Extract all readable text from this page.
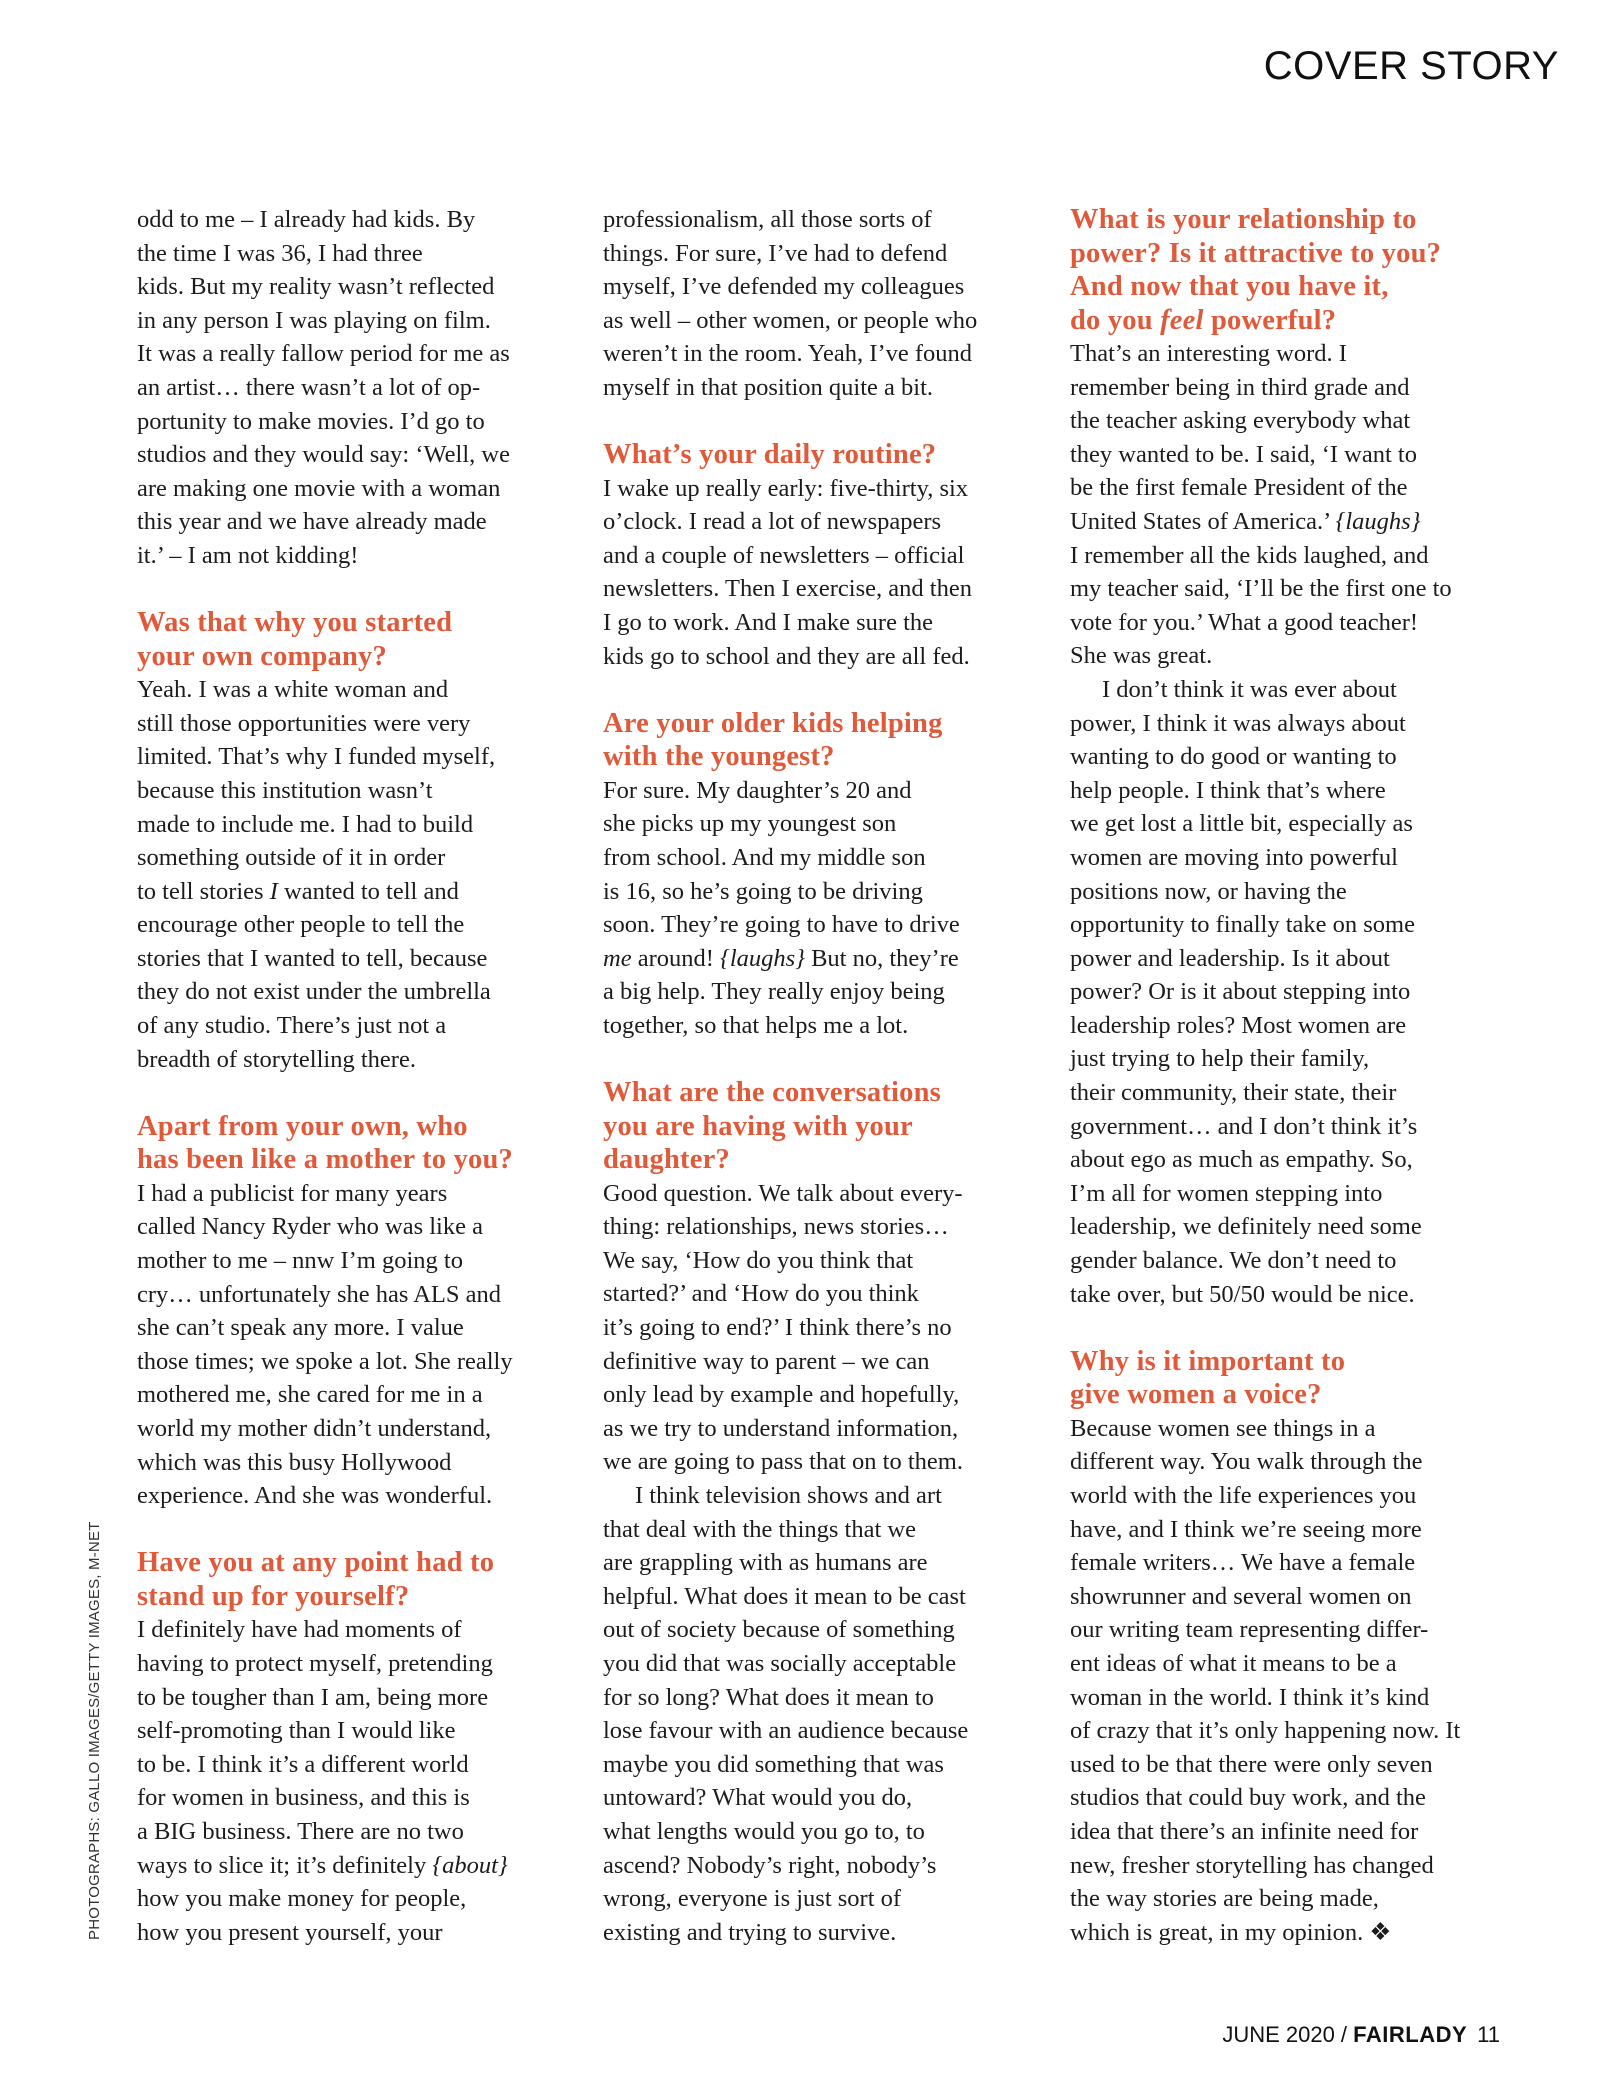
COVER STORY
odd to me – I already had kids. By
the time I was 36, I had three
kids. But my reality wasn’t reflected
in any person I was playing on film.
It was a really fallow period for me as
an artist… there wasn’t a lot of op-
portunity to make movies. I’d go to
studios and they would say: ‘Well, we
are making one movie with a woman
this year and we have already made
it.’ – I am not kidding!
Was that why you started
your own company?
Yeah. I was a white woman and
still those opportunities were very
limited. That’s why I funded myself,
because this institution wasn’t
made to include me. I had to build
something outside of it in order
to tell stories I wanted to tell and
encourage other people to tell the
stories that I wanted to tell, because
they do not exist under the umbrella
of any studio. There’s just not a
breadth of storytelling there.
Apart from your own, who
has been like a mother to you?
I had a publicist for many years
called Nancy Ryder who was like a
mother to me – nnw I’m going to
cry… unfortunately she has ALS and
she can’t speak any more. I value
those times; we spoke a lot. She really
mothered me, she cared for me in a
world my mother didn’t understand,
which was this busy Hollywood
experience. And she was wonderful.
Have you at any point had to
stand up for yourself?
I definitely have had moments of
having to protect myself, pretending
to be tougher than I am, being more
self-promoting than I would like
to be. I think it’s a different world
for women in business, and this is
a BIG business. There are no two
ways to slice it; it’s definitely {about}
how you make money for people,
how you present yourself, your
professionalism, all those sorts of
things. For sure, I’ve had to defend
myself, I’ve defended my colleagues
as well – other women, or people who
weren’t in the room. Yeah, I’ve found
myself in that position quite a bit.
What’s your daily routine?
I wake up really early: five-thirty, six
o’clock. I read a lot of newspapers
and a couple of newsletters – official
newsletters. Then I exercise, and then
I go to work. And I make sure the
kids go to school and they are all fed.
Are your older kids helping
with the youngest?
For sure. My daughter’s 20 and
she picks up my youngest son
from school. And my middle son
is 16, so he’s going to be driving
soon. They’re going to have to drive
me around! {laughs} But no, they’re
a big help. They really enjoy being
together, so that helps me a lot.
What are the conversations
you are having with your
daughter?
Good question. We talk about every-
thing: relationships, news stories…
We say, ‘How do you think that
started?’ and ‘How do you think
it’s going to end?’ I think there’s no
definitive way to parent – we can
only lead by example and hopefully,
as we try to understand information,
we are going to pass that on to them.
I think television shows and art
that deal with the things that we
are grappling with as humans are
helpful. What does it mean to be cast
out of society because of something
you did that was socially acceptable
for so long? What does it mean to
lose favour with an audience because
maybe you did something that was
untoward? What would you do,
what lengths would you go to, to
ascend? Nobody’s right, nobody’s
wrong, everyone is just sort of
existing and trying to survive.
What is your relationship to
power? Is it attractive to you?
And now that you have it,
do you feel powerful?
That’s an interesting word. I
remember being in third grade and
the teacher asking everybody what
they wanted to be. I said, ‘I want to
be the first female President of the
United States of America.’ {laughs}
I remember all the kids laughed, and
my teacher said, ‘I’ll be the first one to
vote for you.’ What a good teacher!
She was great.
I don’t think it was ever about
power, I think it was always about
wanting to do good or wanting to
help people. I think that’s where
we get lost a little bit, especially as
women are moving into powerful
positions now, or having the
opportunity to finally take on some
power and leadership. Is it about
power? Or is it about stepping into
leadership roles? Most women are
just trying to help their family,
their community, their state, their
government… and I don’t think it’s
about ego as much as empathy. So,
I’m all for women stepping into
leadership, we definitely need some
gender balance. We don’t need to
take over, but 50/50 would be nice.
Why is it important to
give women a voice?
Because women see things in a
different way. You walk through the
world with the life experiences you
have, and I think we’re seeing more
female writers… We have a female
showrunner and several women on
our writing team representing differ-
ent ideas of what it means to be a
woman in the world. I think it’s kind
of crazy that it’s only happening now. It
used to be that there were only seven
studios that could buy work, and the
idea that there’s an infinite need for
new, fresher storytelling has changed
the way stories are being made,
which is great, in my opinion. ❖
PHOTOGRAPHS: GALLO IMAGES/GETTY IMAGES, M-NET
JUNE 2020 / FAIRLADY 11
